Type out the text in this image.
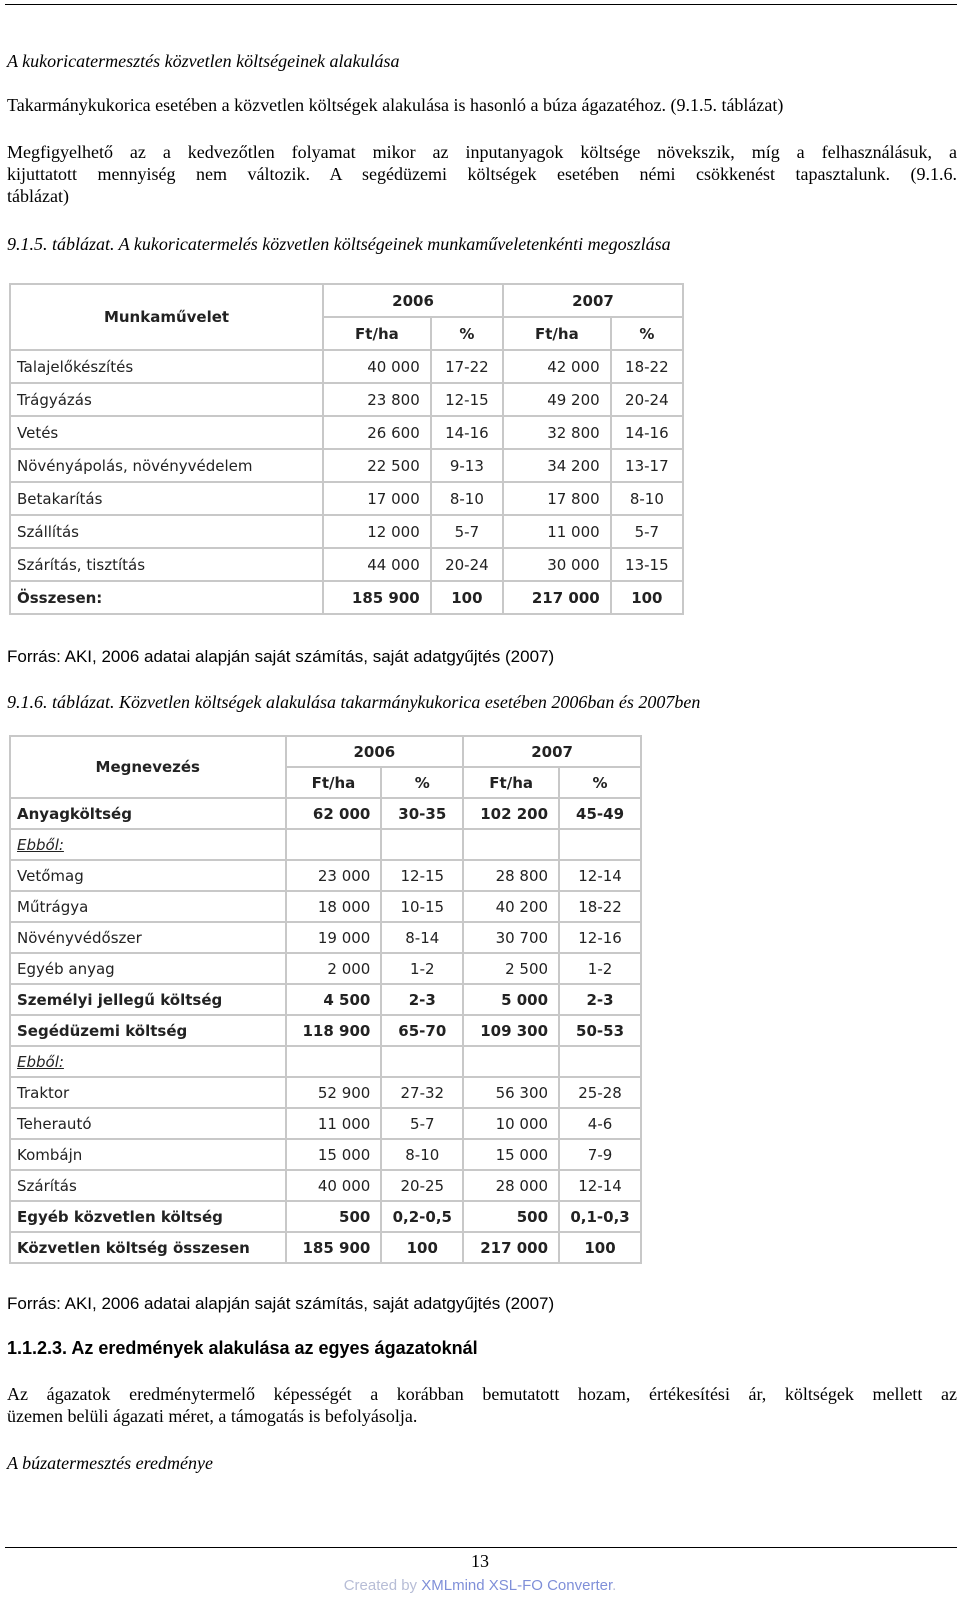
A kukoricatermesztés közvetlen költségeinek alakulása

Takarmánykukorica esetében a közvetlen költségek alakulása is hasonló a búza ágazatéhoz. (9.1.5. táblázat)

Megfigyelhető az a kedvezőtlen folyamat mikor az inputanyagok költsége növekszik, míg a felhasználásuk, a

kijuttatott mennyiség nem változik. A segédüzemi költségek esetében némi csökkenést tapasztalunk. (9.1.6.

táblázat)

9.1.5. táblázat. A kukoricatermelés közvetlen költségeinek munkaműveletenkénti megoszlása

Munkaművelet	2006		2007	
	Ft/ha	%	Ft/ha	%
Talajelőkészítés	40 000	17-22	42 000	18-22
Trágyázás	23 800	12-15	49 200	20-24
Vetés	26 600	14-16	32 800	14-16
Növényápolás, növényvédelem	22 500	9-13	34 200	13-17
Betakarítás	17 000	8-10	17 800	8-10
Szállítás	12 000	5-7	11 000	5-7
Szárítás, tisztítás	44 000	20-24	30 000	13-15
Összesen:	185 900	100	217 000	100

Forrás: AKI, 2006 adatai alapján saját számítás, saját adatgyűjtés (2007)

9.1.6. táblázat. Közvetlen költségek alakulása takarmánykukorica esetében 2006ban és 2007ben

Megnevezés	2006		2007	
	Ft/ha	%	Ft/ha	%
Anyagköltség	62 000	30-35	102 200	45-49
Ebből:				
Vetőmag	23 000	12-15	28 800	12-14
Műtrágya	18 000	10-15	40 200	18-22
Növényvédőszer	19 000	8-14	30 700	12-16
Egyéb anyag	2 000	1-2	2 500	1-2
Személyi jellegű költség	4 500	2-3	5 000	2-3
Segédüzemi költség	118 900	65-70	109 300	50-53
Ebből:				
Traktor	52 900	27-32	56 300	25-28
Teherautó	11 000	5-7	10 000	4-6
Kombájn	15 000	8-10	15 000	7-9
Szárítás	40 000	20-25	28 000	12-14
Egyéb közvetlen költség	500	0,2-0,5	500	0,1-0,3
Közvetlen költség összesen	185 900	100	217 000	100

Forrás: AKI, 2006 adatai alapján saját számítás, saját adatgyűjtés (2007)

1.1.2.3. Az eredmények alakulása az egyes ágazatoknál

Az ágazatok eredménytermelő képességét a korábban bemutatott hozam, értékesítési ár, költségek mellett az

üzemen belüli ágazati méret, a támogatás is befolyásolja.

A búzatermesztés eredménye

13
Created by XMLmind XSL-FO Converter.
